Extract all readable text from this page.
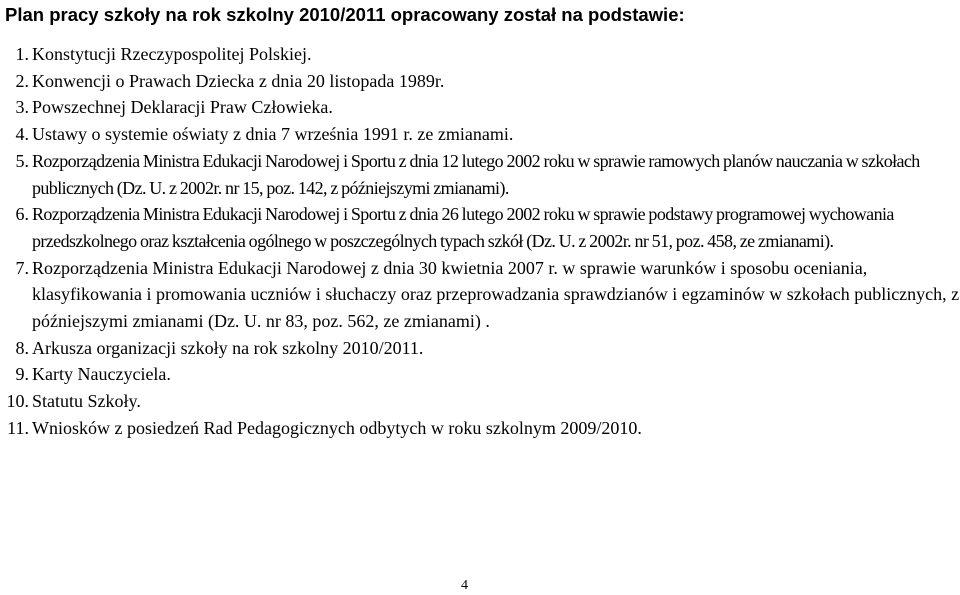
Plan pracy szkoły na rok szkolny 2010/2011 opracowany został na podstawie:
1. Konstytucji Rzeczypospolitej Polskiej.
2. Konwencji o Prawach Dziecka z dnia 20 listopada 1989r.
3. Powszechnej Deklaracji Praw Człowieka.
4. Ustawy o systemie oświaty z dnia 7 września 1991 r. ze zmianami.
5. Rozporządzenia Ministra Edukacji Narodowej i Sportu z dnia 12 lutego 2002 roku w sprawie ramowych planów nauczania w szkołach publicznych (Dz. U. z 2002r. nr 15, poz. 142, z późniejszymi zmianami).
6. Rozporządzenia Ministra Edukacji Narodowej i Sportu z dnia 26 lutego 2002 roku w sprawie podstawy programowej wychowania przedszkolnego oraz kształcenia ogólnego w poszczególnych typach szkół (Dz. U. z 2002r. nr 51, poz. 458, ze zmianami).
7. Rozporządzenia Ministra Edukacji Narodowej z dnia 30 kwietnia 2007 r. w sprawie warunków i sposobu oceniania, klasyfikowania i promowania uczniów i słuchaczy oraz przeprowadzania sprawdzianów i egzaminów w szkołach publicznych, z późniejszymi zmianami (Dz. U. nr 83, poz. 562, ze zmianami) .
8. Arkusza organizacji szkoły na rok szkolny 2010/2011.
9. Karty Nauczyciela.
10. Statutu Szkoły.
11. Wniosków z posiedzeń Rad Pedagogicznych odbytych w roku szkolnym 2009/2010.
4
